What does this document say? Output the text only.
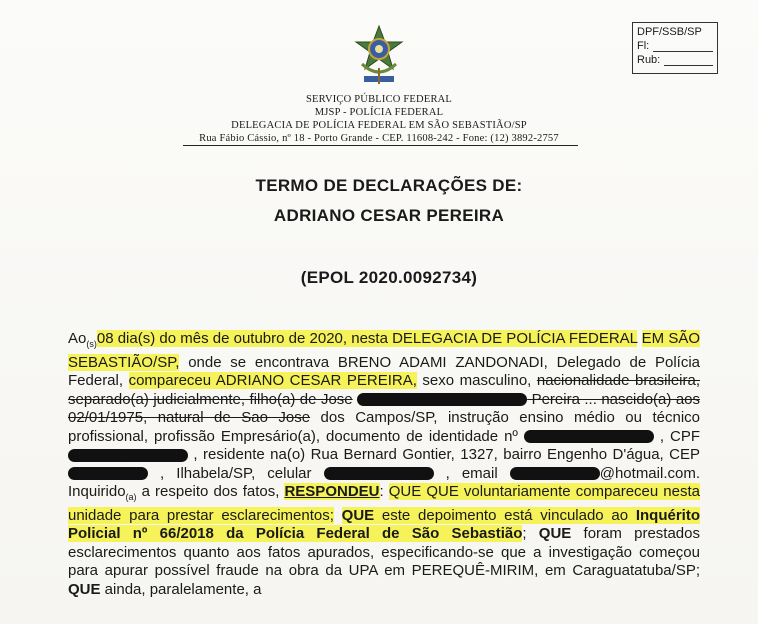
DPF/SSB/SP
Fl:
Rub:
SERVIÇO PÚBLICO FEDERAL
MJSP - POLÍCIA FEDERAL
DELEGACIA DE POLÍCIA FEDERAL EM SÃO SEBASTIÃO/SP
Rua Fábio Cássio, nº 18 - Porto Grande - CEP. 11608-242 - Fone: (12) 3892-2757
TERMO DE DECLARAÇÕES DE:
ADRIANO CESAR PEREIRA
(EPOL 2020.0092734)
$Ao_{(s)}08$ dia(s) do mês de outubro de 2020, nesta DELEGACIA DE POLÍCIA FEDERAL EM SÃO SEBASTIÃO/SP, onde se encontrava BRENO ADAMI ZANDONADI, Delegado de Polícia Federal, compareceu ADRIANO CESAR PEREIRA, sexo masculino, nacionalidade brasileira, separado(a) judicialmente, filho(a) de Jose	Pereira ... nascido(a) aos 02/01/1975, natural de Sao Jose dos Campos/SP, instrução ensino médio ou técnico profissional, profissão Empresário(a), documento de identidade nº	, CPF  , residente na(o) Rua Bernard Gontier, 1327, bairro Engenho D'água, CEP  , Ilhabela/SP, celular	, email	@hotmail.com. Inquirido$_{(a)}$ a respeito dos fatos, RESPONDEU: QUE QUE voluntariamente compareceu nesta unidade para prestar esclarecimentos; QUE este depoimento está vinculado ao Inquérito Policial nº 66/2018 da Polícia Federal de São Sebastião; QUE foram prestados esclarecimentos quanto aos fatos apurados, especificando-se que a investigação começou para apurar possível fraude na obra da UPA em PEREQUÊ-MIRIM, em Caraguatatuba/SP; QUE ainda, paralelamente, a
